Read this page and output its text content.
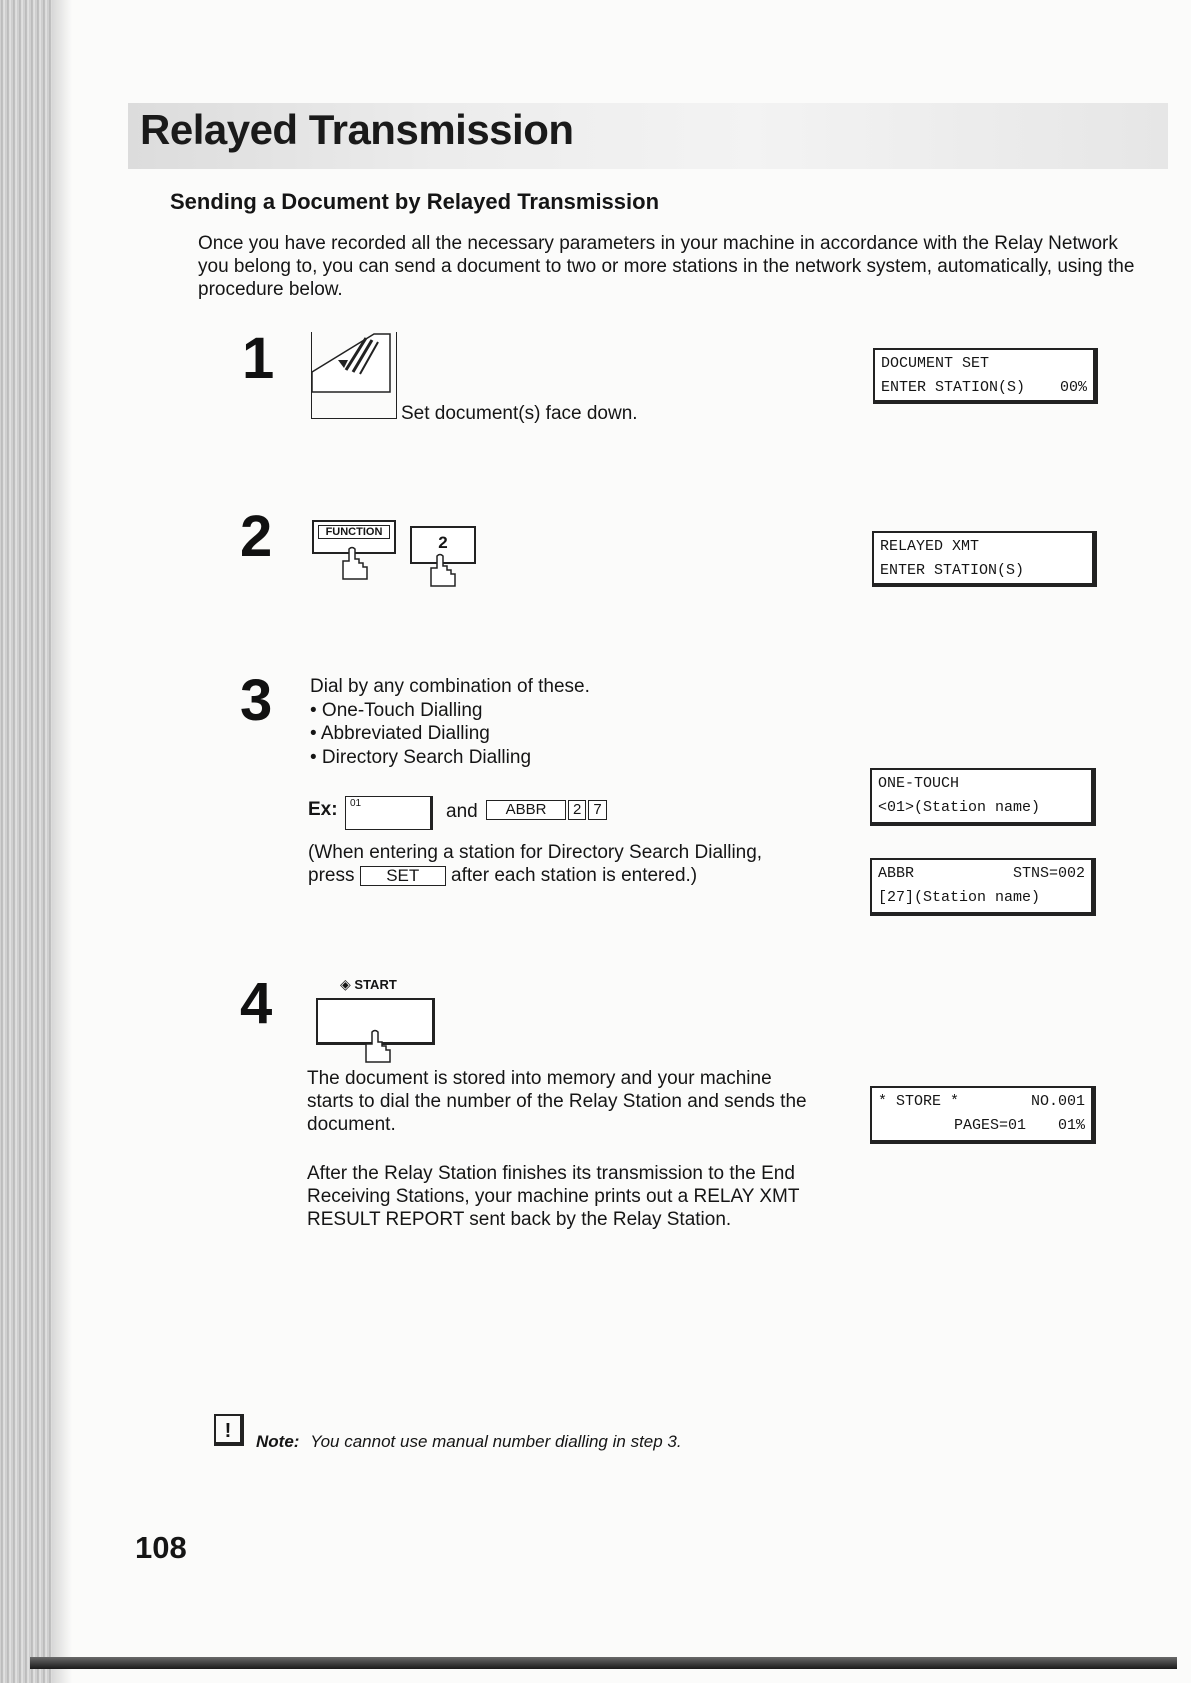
Relayed Transmission
Sending a Document by Relayed Transmission

Once you have recorded all the necessary parameters in your machine in accordance with the Relay Network you belong to, you can send a document to two or more stations in the network system, automatically, using the procedure below.

1
Set document(s) face down.
DOCUMENT SET
ENTER STATION(S) 00%
2	FUNCTION
2	RELAYED XMT
ENTER STATION(S)
3 Dial by any combination of these.
• One-Touch Dialling
• Abbreviated Dialling
• Directory Search Dialling
Ex: 01	and	ABBR 2 7
(When entering a station for Directory Search Dialling,
press SET after each station is entered.)
ONE-TOUCH
<01>(Station name)
ABBR	STNS=002
[27](Station name)
4	◈ START

The document is stored into memory and your machine starts to dial the number of the Relay Station and sends the document.

After the Relay Station finishes its transmission to the End Receiving Stations, your machine prints out a RELAY XMT RESULT REPORT sent back by the Relay Station.

* STORE *	NO.001
PAGES=01 01%
!	Note: You cannot use manual number dialling in step 3.
108
